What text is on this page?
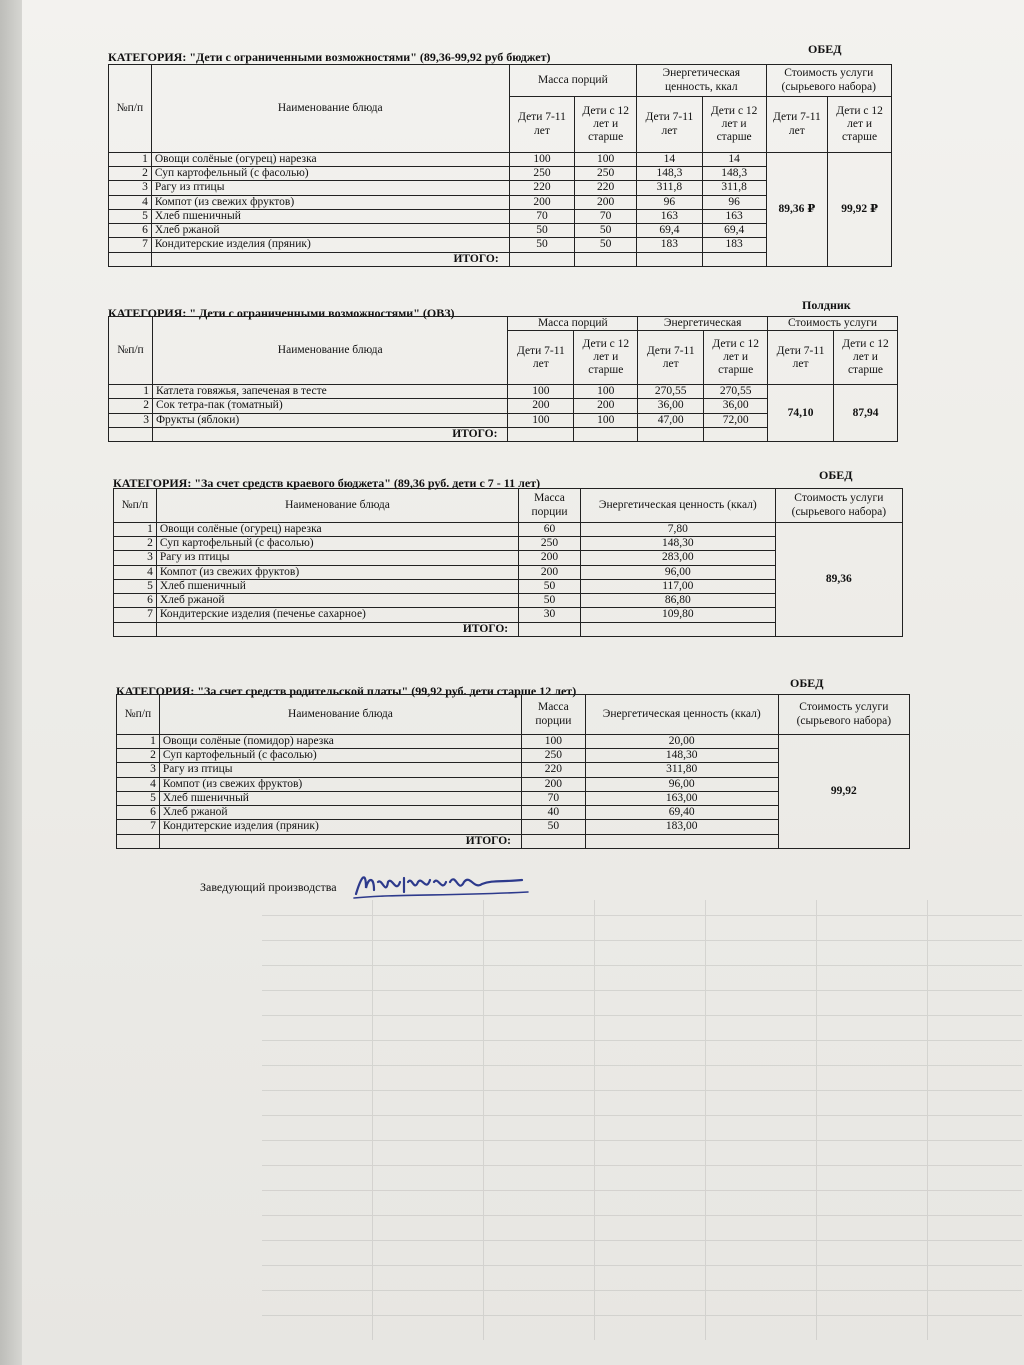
КАТЕГОРИЯ: "Дети с ограниченными возможностями" (89,36-99,92 руб бюджет)
ОБЕД
№п/п	Наименование блюда	Масса порций		Энергетическая ценность, ккал		Стоимость услуги (сырьевого набора)	
		Дети 7-11 лет	Дети с 12 лет и старше	Дети 7-11 лет	Дети с 12 лет и старше	Дети 7-11 лет	Дети с 12 лет и старше
1	Овощи солёные (огурец) нарезка	100	100	14	14	89,36 ₽	99,92 ₽
2	Суп картофельный (с фасолью)	250	250	148,3	148,3		
3	Рагу из птицы	220	220	311,8	311,8		
4	Компот (из свежих фруктов)	200	200	96	96		
5	Хлеб пшеничный	70	70	163	163		
6	Хлеб ржаной	50	50	69,4	69,4		
7	Кондитерские изделия (пряник)	50	50	183	183		
	ИТОГО:						
КАТЕГОРИЯ: " Дети с ограниченными возможностями" (ОВЗ)
Полдник
№п/п	Наименование блюда	Масса порций		Энергетическая		Стоимость услуги	
		Дети 7-11 лет	Дети с 12 лет и старше	Дети 7-11 лет	Дети с 12 лет и старше	Дети 7-11 лет	Дети с 12 лет и старше
1	Катлета говяжья, запеченая в тесте	100	100	270,55	270,55	74,10	87,94
2	Сок тетра-пак (томатный)	200	200	36,00	36,00		
3	Фрукты (яблоки)	100	100	47,00	72,00		
	ИТОГО:						
КАТЕГОРИЯ: "За счет средств краевого бюджета" (89,36 руб. дети с 7 - 11 лет)
ОБЕД
№п/п	Наименование блюда	Масса порции	Энергетическая ценность (ккал)	Стоимость услуги (сырьевого набора)
1	Овощи солёные (огурец) нарезка	60	7,80	89,36
2	Суп картофельный (с фасолью)	250	148,30	
3	Рагу из птицы	200	283,00	
4	Компот (из свежих фруктов)	200	96,00	
5	Хлеб пшеничный	50	117,00	
6	Хлеб ржаной	50	86,80	
7	Кондитерские изделия (печенье сахарное)	30	109,80	
	ИТОГО:			
КАТЕГОРИЯ: "За счет средств родительской платы" (99,92 руб. дети старше 12 лет)
ОБЕД
№п/п	Наименование блюда	Масса порции	Энергетическая ценность (ккал)	Стоимость услуги (сырьевого набора)
1	Овощи солёные (помидор) нарезка	100	20,00	99,92
2	Суп картофельный (с фасолью)	250	148,30	
3	Рагу из птицы	220	311,80	
4	Компот (из свежих фруктов)	200	96,00	
5	Хлеб пшеничный	70	163,00	
6	Хлеб ржаной	40	69,40	
7	Кондитерские изделия (пряник)	50	183,00	
	ИТОГО:			
Заведующий производства
